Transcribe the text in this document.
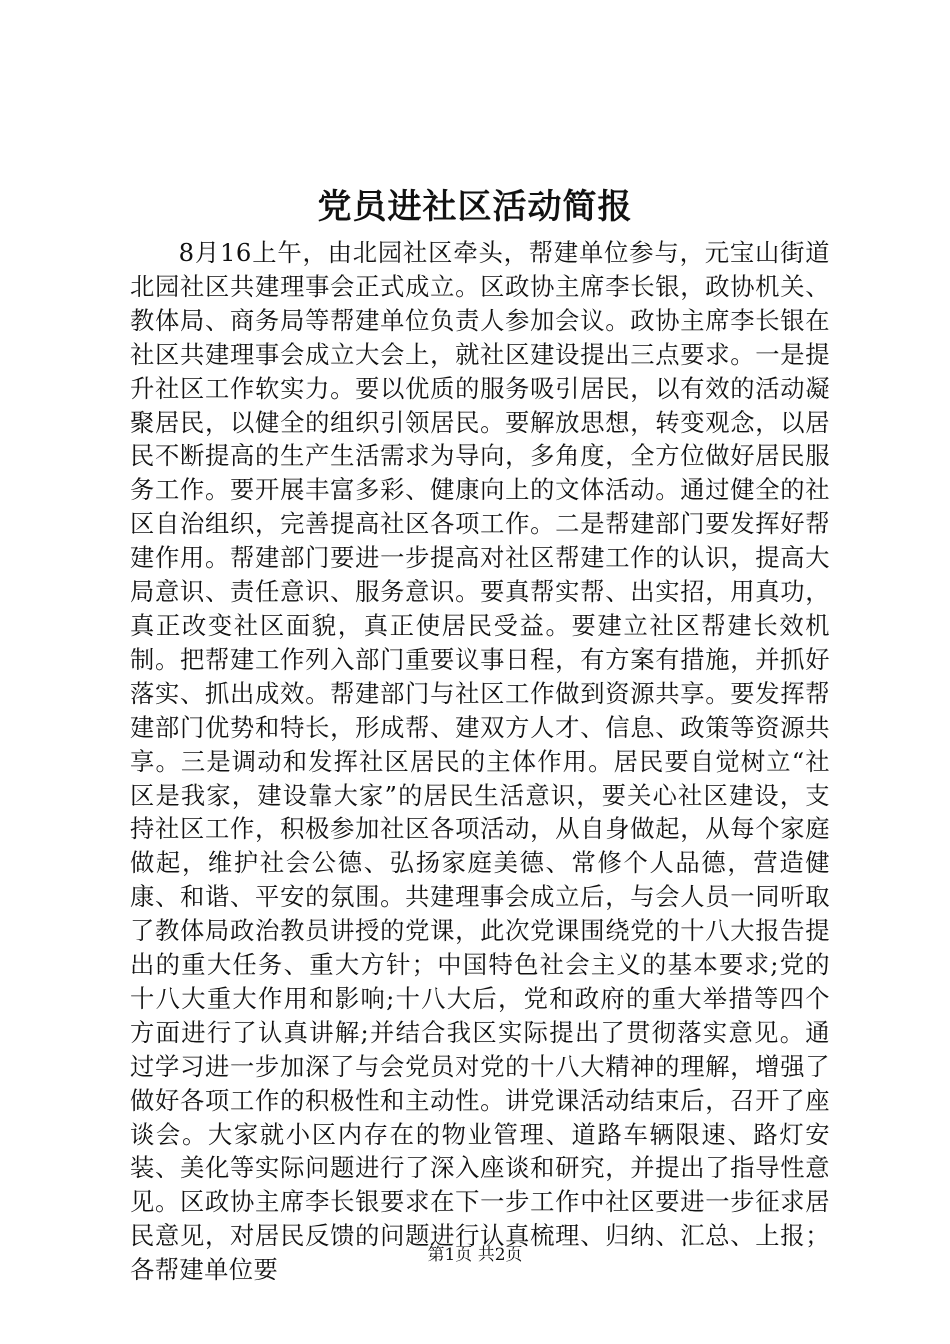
党员进社区活动简报

8月16上午，由北园社区牵头，帮建单位参与，元宝山街道北园社区共建理事会正式成立。区政协主席李长银，政协机关、教体局、商务局等帮建单位负责人参加会议。政协主席李长银在社区共建理事会成立大会上，就社区建设提出三点要求。一是提升社区工作软实力。要以优质的服务吸引居民，以有效的活动凝聚居民，以健全的组织引领居民。要解放思想，转变观念，以居民不断提高的生产生活需求为导向，多角度，全方位做好居民服务工作。要开展丰富多彩、健康向上的文体活动。通过健全的社区自治组织，完善提高社区各项工作。二是帮建部门要发挥好帮建作用。帮建部门要进一步提高对社区帮建工作的认识，提高大局意识、责任意识、服务意识。要真帮实帮、出实招，用真功，真正改变社区面貌，真正使居民受益。要建立社区帮建长效机制。把帮建工作列入部门重要议事日程，有方案有措施，并抓好落实、抓出成效。帮建部门与社区工作做到资源共享。要发挥帮建部门优势和特长，形成帮、建双方人才、信息、政策等资源共享。三是调动和发挥社区居民的主体作用。居民要自觉树立“社区是我家，建设靠大家”的居民生活意识，要关心社区建设，支持社区工作，积极参加社区各项活动，从自身做起，从每个家庭做起，维护社会公德、弘扬家庭美德、常修个人品德，营造健康、和谐、平安的氛围。共建理事会成立后，与会人员一同听取了教体局政治教员讲授的党课，此次党课围绕党的十八大报告提出的重大任务、重大方针；中国特色社会主义的基本要求;党的十八大重大作用和影响;十八大后，党和政府的重大举措等四个方面进行了认真讲解;并结合我区实际提出了贯彻落实意见。通过学习进一步加深了与会党员对党的十八大精神的理解，增强了做好各项工作的积极性和主动性。讲党课活动结束后，召开了座谈会。大家就小区内存在的物业管理、道路车辆限速、路灯安装、美化等实际问题进行了深入座谈和研究，并提出了指导性意见。区政协主席李长银要求在下一步工作中社区要进一步征求居民意见，对居民反馈的问题进行认真梳理、归纳、汇总、上报；各帮建单位要

第1页 共2页
